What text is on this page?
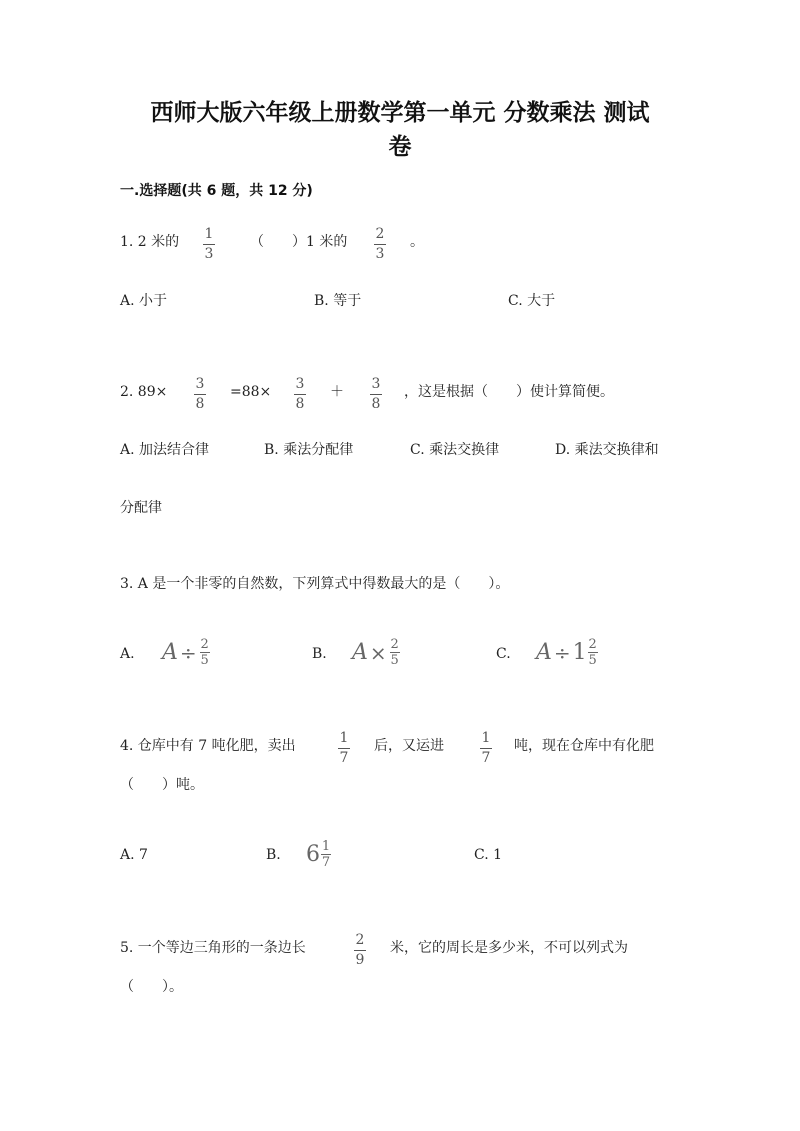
西师大版六年级上册数学第一单元 分数乘法 测试
卷
一.选择题(共 6 题，共 12 分)
1. 2 米的 1
3
（　　）1 米的 2
3
。
A. 小于	B. 等于	C. 大于
2. 89× 3
8
=88× 3
8
＋ 3
8
，这是根据（　　）使计算简便。
A. 加法结合律	B. 乘法分配律	C. 乘法交换律	D. 乘法交换律和
分配律
3. A 是一个非零的自然数，下列算式中得数最大的是（　　）。
A. A ÷ 2
5	B. A × 2
5	C. A ÷ 1 2
5
4. 仓库中有 7 吨化肥，卖出	1
7
后，又运进	1
7
吨，现在仓库中有化肥
（　　）吨。
A. 7	B. 6 1
7	C. 1
5. 一个等边三角形的一条边长	2
9
米，它的周长是多少米，不可以列式为
（　　）。
